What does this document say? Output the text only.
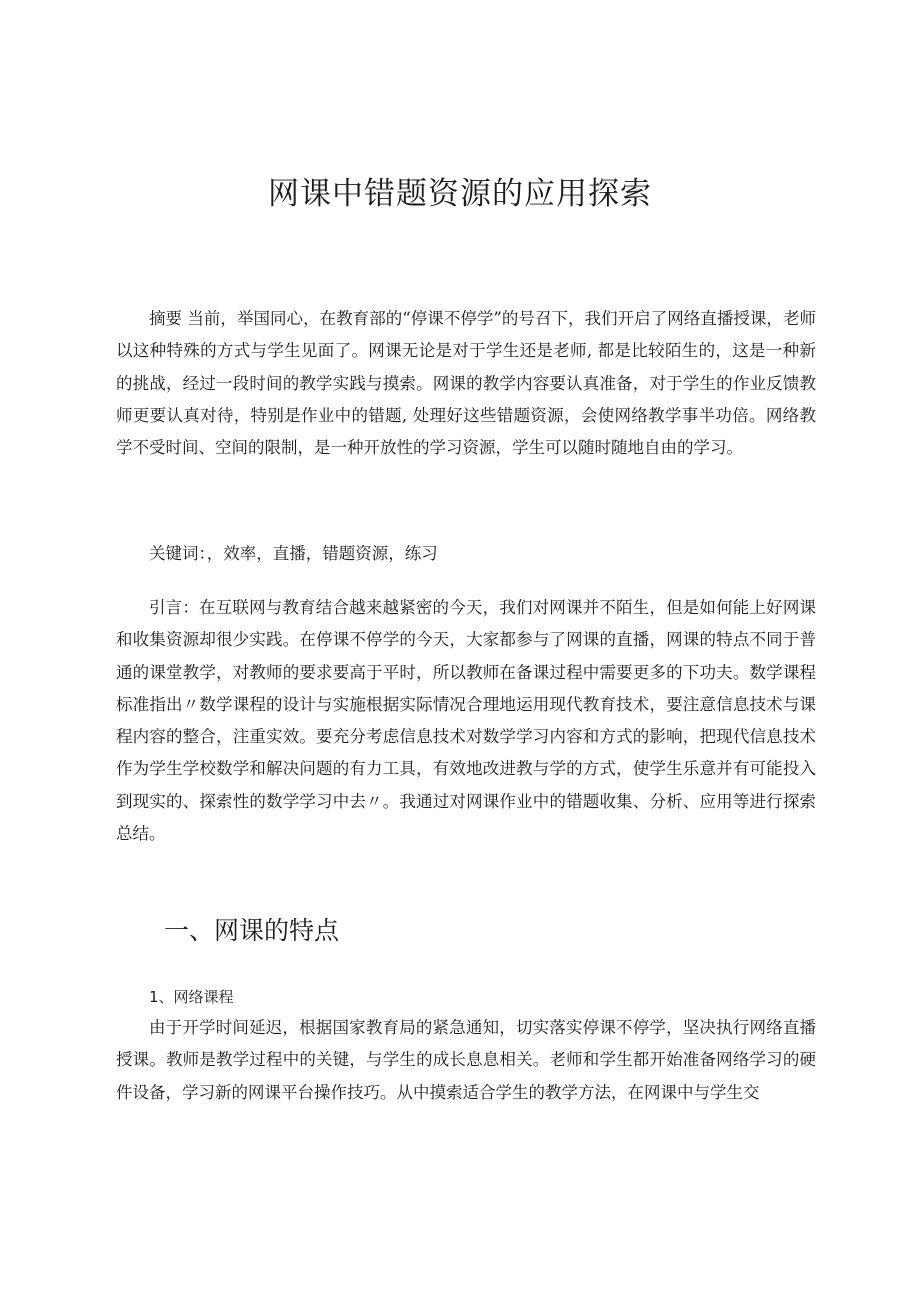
网课中错题资源的应用探索

摘要 当前，举国同心，在教育部的“停课不停学”的号召下，我们开启了网络直播授课，老师以这种特殊的方式与学生见面了。网课无论是对于学生还是老师, 都是比较陌生的，这是一种新的挑战，经过一段时间的教学实践与摸索。网课的教学内容要认真准备，对于学生的作业反馈教师更要认真对待，特别是作业中的错题, 处理好这些错题资源，会使网络教学事半功倍。网络教学不受时间、空间的限制，是一种开放性的学习资源，学生可以随时随地自由的学习。

关键词：，效率，直播，错题资源，练习

引言：在互联网与教育结合越来越紧密的今天，我们对网课并不陌生，但是如何能上好网课和收集资源却很少实践。在停课不停学的今天，大家都参与了网课的直播，网课的特点不同于普通的课堂教学，对教师的要求要高于平时，所以教师在备课过程中需要更多的下功夫。数学课程标准指出〃数学课程的设计与实施根据实际情况合理地运用现代教育技术，要注意信息技术与课程内容的整合，注重实效。要充分考虑信息技术对数学学习内容和方式的影响，把现代信息技术作为学生学校数学和解决问题的有力工具，有效地改进教与学的方式，使学生乐意并有可能投入到现实的、探索性的数学学习中去〃。我通过对网课作业中的错题收集、分析、应用等进行探索总结。

一、网课的特点
1、网络课程

由于开学时间延迟，根据国家教育局的紧急通知，切实落实停课不停学，坚决执行网络直播授课。教师是教学过程中的关键，与学生的成长息息相关。老师和学生都开始准备网络学习的硬件设备，学习新的网课平台操作技巧。从中摸索适合学生的教学方法，在网课中与学生交
